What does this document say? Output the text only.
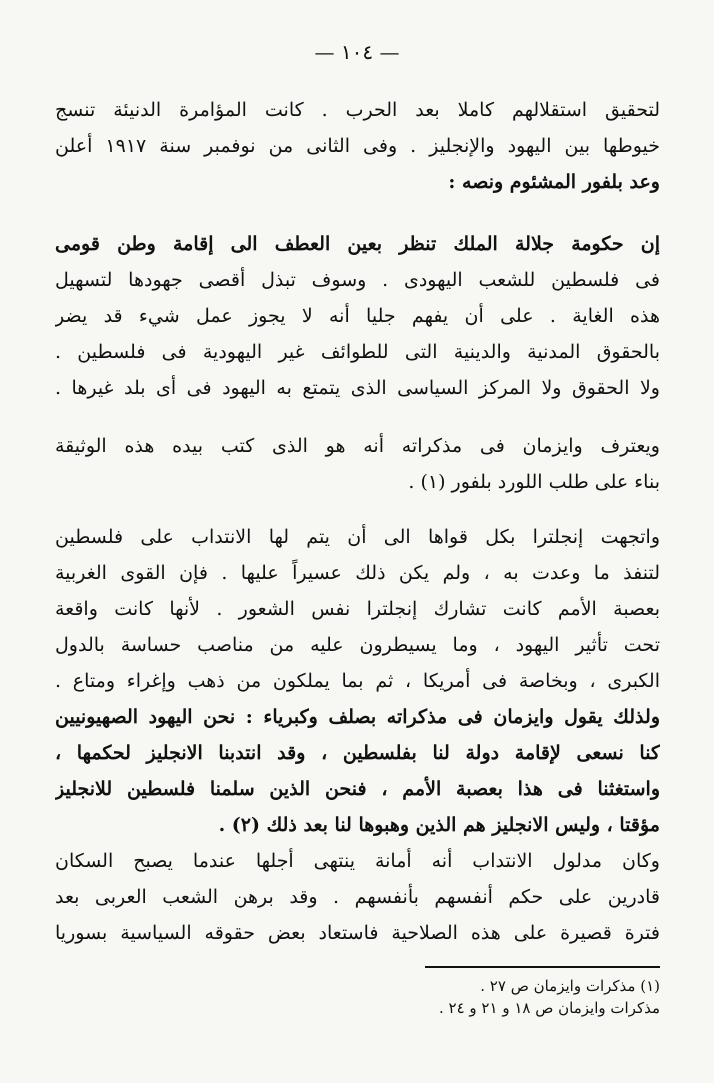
— ١٠٤ —
لتحقيق استقلالهم كاملا بعد الحرب . كانت المؤامرة الدنيئة تنسج
خيوطها بين اليهود والإنجليز . وفى الثانى من نوفمبر سنة ١٩١٧ أعلن
وعد بلفور المشئوم ونصه :
إن حكومة جلالة الملك تنظر بعين العطف الى إقامة وطن قومى
فى فلسطين للشعب اليهودى . وسوف تبذل أقصى جهودها لتسهيل
هذه الغاية . على أن يفهم جليا أنه لا يجوز عمل شيء قد يضر
بالحقوق المدنية والدينية التى للطوائف غير اليهودية فى فلسطين .
ولا الحقوق ولا المركز السياسى الذى يتمتع به اليهود فى أى بلد غيرها .
ويعترف وايزمان فى مذكراته أنه هو الذى كتب بيده هذه الوثيقة
بناء على طلب اللورد بلفور (١) .
واتجهت إنجلترا بكل قواها الى أن يتم لها الانتداب على فلسطين
لتنفذ ما وعدت به ، ولم يكن ذلك عسيراً عليها . فإن القوى الغربية
بعصبة الأمم كانت تشارك إنجلترا نفس الشعور . لأنها كانت واقعة
تحت تأثير اليهود ، وما يسيطرون عليه من مناصب حساسة بالدول
الكبرى ، وبخاصة فى أمريكا ، ثم بما يملكون من ذهب وإغراء ومتاع .
ولذلك يقول وايزمان فى مذكراته بصلف وكبرياء : نحن اليهود الصهيونيين
كنا نسعى لإقامة دولة لنا بفلسطين ، وقد انتدبنا الانجليز لحكمها ،
واستغثنا فى هذا بعصبة الأمم ، فنحن الذين سلمنا فلسطين للانجليز
مؤقتا ، وليس الانجليز هم الذين وهبوها لنا بعد ذلك (٢) .
وكان مدلول الانتداب أنه أمانة ينتهى أجلها عندما يصبح السكان
قادرين على حكم أنفسهم بأنفسهم . وقد برهن الشعب العربى بعد
فترة قصيرة على هذه الصلاحية فاستعاد بعض حقوقه السياسية بسوريا
(١) مذكرات وايزمان ص ٢٧ .
مذكرات وايزمان ص ١٨ و ٢١ و ٢٤ .
